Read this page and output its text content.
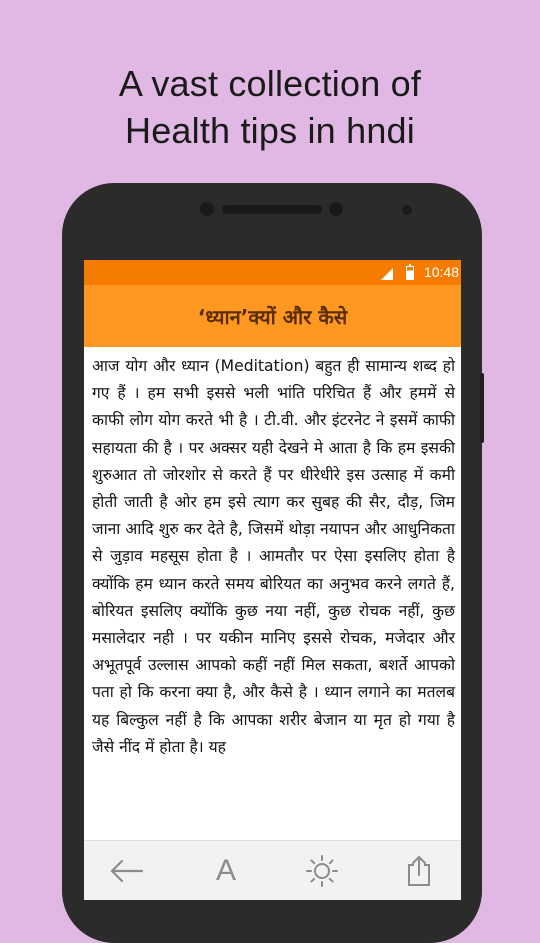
A vast collection of
Health tips in hndi
10:48
‘ध्यान’क्यों और कैसे
आज योग और ध्यान (Meditation) बहुत ही सामान्य शब्द हो गए हैं । हम सभी इससे भली भांति परिचित हैं और हममें से काफी लोग योग करते भी है । टी.वी. और इंटरनेट ने इसमें काफी सहायता की है । पर अक्सर यही देखने मे आता है कि हम इसकी शुरुआत तो जोरशोर से करते हैं पर धीरेधीरे इस उत्साह में कमी होती जाती है ओर हम इसे त्याग कर सुबह की सैर, दौड़, जिम जाना आदि शुरु कर देते है, जिसमें थोड़ा नयापन और आधुनिकता से जुड़ाव महसूस होता है । आमतौर पर ऐसा इसलिए होता है क्योंकि हम ध्यान करते समय बोरियत का अनुभव करने लगते हैं, बोरियत इसलिए क्योंकि कुछ नया नहीं, कुछ रोचक नहीं, कुछ मसालेदार नही । पर यकीन मानिए इससे रोचक, मजेदार और अभूतपूर्व उल्लास आपको कहीं नहीं मिल सकता, बशर्ते आपको पता हो कि करना क्या है, और कैसे है । ध्यान लगाने का मतलब यह बिल्कुल नहीं है कि आपका शरीर बेजान या मृत हो गया है जैसे नींद में होता है। यह
A
